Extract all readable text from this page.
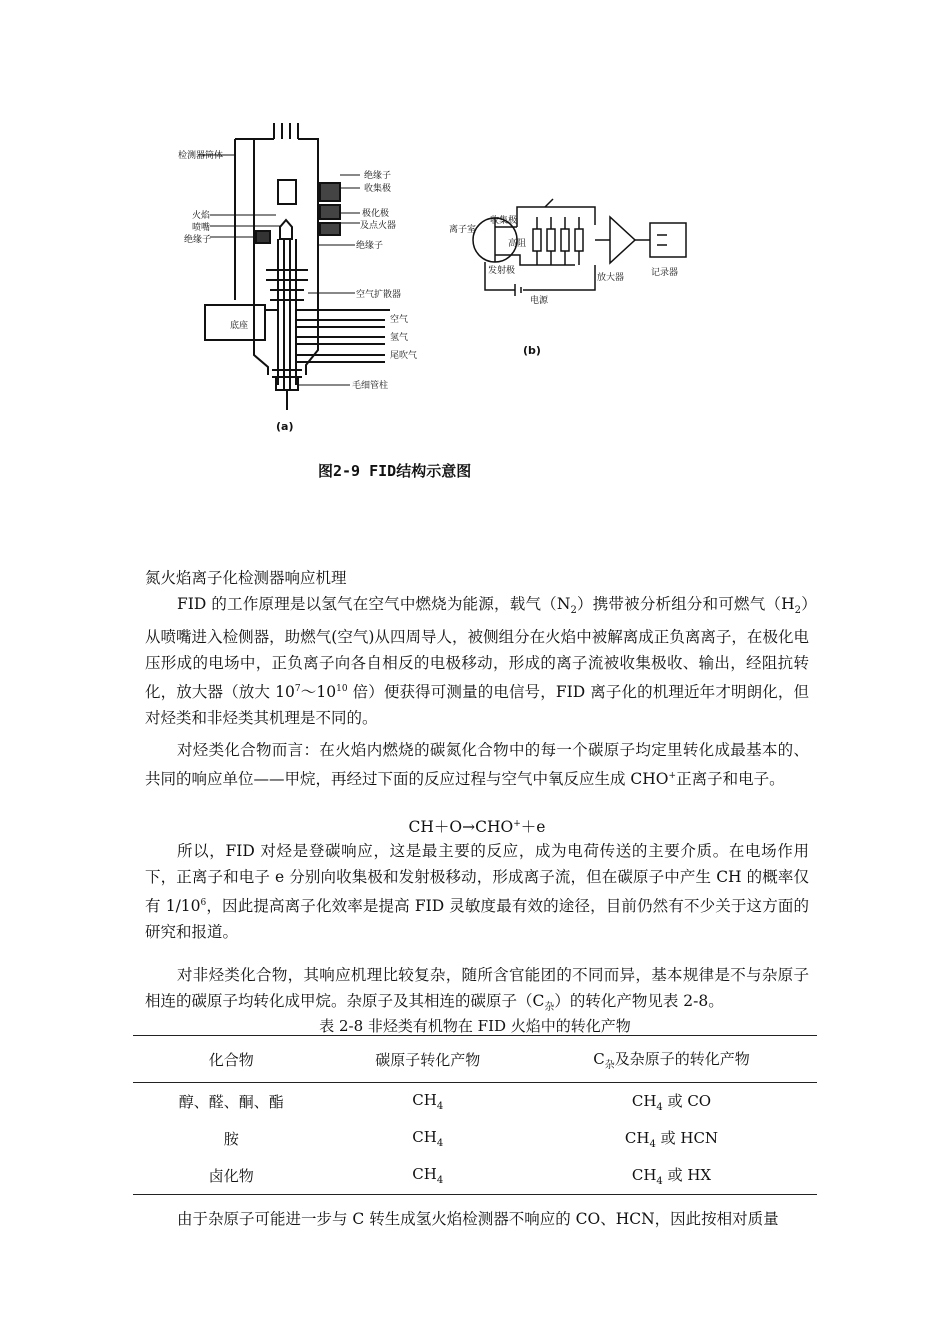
检测器筒体
火焰
喷嘴
绝缘子
绝缘子
收集极
极化极
及点火器
绝缘子
空气扩散器
底座
空气
氢气
尾吹气
毛细管柱
(a)
离子室
收集极
高阻
发射极
电源
放大器	记录器
(b)
图2-9 FID结构示意图
氮火焰离子化检测器响应机理
FID 的工作原理是以氢气在空气中燃烧为能源，载气$(N_2)$携带被分析组分和可燃气$(H_2)$从喷嘴进入检侧器，助燃气(空气)从四周导人，被侧组分在火焰中被解离成正负离离子，在极化电压形成的电场中，正负离子向各自相反的电极移动，形成的离子流被收集极收、输出，经阻抗转化，放大器（放大 $10^7\sim 10^{10}$ 倍）便获得可测量的电信号，FID 离子化的机理近年才明朗化，但对烃类和非烃类其机理是不同的。
对烃类化合物而言：在火焰内燃烧的碳氮化合物中的每一个碳原子均定里转化成最基本的、共同的响应单位——甲烷，再经过下面的反应过程与空气中氧反应生成 CHO+正离子和电子。
CH＋O→CHO+＋e
所以，FID 对烃是登碳响应，这是最主要的反应，成为电荷传送的主要介质。在电场作用下，正离子和电子 e 分别向收集极和发射极移动，形成离子流，但在碳原子中产生 CH 的概率仅有 $1/10^6$，因此提高离子化效率是提高 FID 灵敏度最有效的途径，目前仍然有不少关于这方面的研究和报道。
对非烃类化合物，其响应机理比较复杂，随所含官能团的不同而异，基本规律是不与杂原子相连的碳原子均转化成甲烷。杂原子及其相连的碳原子$(C_杂)$的转化产物见表 2-8。
表 2-8 非烃类有机物在 FID 火焰中的转化产物
化合物	碳原子转化产物	$C_杂$及杂原子的转化产物
醇、醛、酮、酯	$CH_4$	$CH_4$ 或 CO
胺	$CH_4$	$CH_4$ 或 HCN
卤化物	$CH_4$	$CH_4$ 或 HX
由于杂原子可能进一步与 C 转生成氢火焰检测器不响应的 CO、HCN，因此按相对质量
